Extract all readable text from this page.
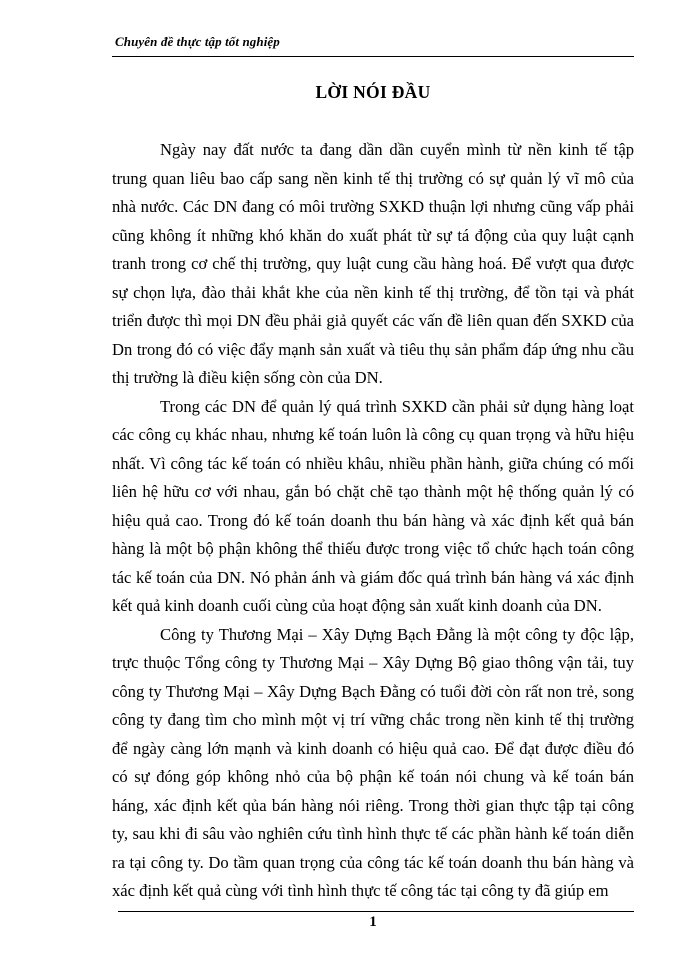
Chuyên đề thực tập tốt nghiệp
LỜI NÓI ĐẦU

Ngày nay đất nước ta đang dần dần cuyển mình từ nền kinh tế tập trung quan liêu bao cấp sang nền kinh tế thị trường có sự quản lý vĩ mô của nhà nước. Các DN đang có môi trường SXKD thuận lợi nhưng cũng vấp phải cũng không ít những khó khăn do xuất phát từ sự tá động của quy luật cạnh tranh trong cơ chế thị trường, quy luật cung cầu hàng hoá. Để vượt qua được sự chọn lựa, đào thải khắt khe của nền kinh tế thị trường, để tồn tại và phát triển được thì mọi DN đều phải giả quyết các vấn đề liên quan đến SXKD của Dn trong đó có việc đẩy mạnh sản xuất và tiêu thụ sản phẩm đáp ứng nhu cầu thị trường là điều kiện sống còn của DN.

Trong các DN để quản lý quá trình SXKD cần phải sử dụng hàng loạt các công cụ khác nhau, nhưng kế toán luôn là công cụ quan trọng và hữu hiệu nhất. Vì công tác kế toán có nhiều khâu, nhiều phần hành, giữa chúng có mối liên hệ hữu cơ với nhau, gắn bó chặt chẽ tạo thành một hệ thống quản lý có hiệu quả cao. Trong đó kế toán doanh thu bán hàng và xác định kết quả bán hàng là một bộ phận không thể thiếu được trong việc tổ chức hạch toán công tác kế toán của DN. Nó phản ánh và giám đốc quá trình bán hàng vá xác định kết quả kinh doanh cuối cùng của hoạt động sản xuất kinh doanh của DN.

Công ty Thương Mại – Xây Dựng Bạch Đằng là một công ty độc lập, trực thuộc Tổng công ty Thương Mại – Xây Dựng Bộ giao thông vận tải, tuy công ty Thương Mại – Xây Dựng Bạch Đằng có tuổi đời còn rất non trẻ, song công ty đang tìm cho mình một vị trí vững chắc trong nền kinh tế thị trường để ngày càng lớn mạnh và kinh doanh có hiệu quả cao. Để đạt được điều đó có sự đóng góp không nhỏ của bộ phận kế toán nói chung và kế toán bán háng, xác định kết qủa bán hàng nói riêng. Trong thời gian thực tập tại công ty, sau khi đi sâu vào nghiên cứu tình hình thực tế các phần hành kế toán diễn ra tại công ty. Do tầm quan trọng của công tác kế toán doanh thu bán hàng và xác định kết quả cùng với tình hình thực tế công tác tại công ty đã giúp em

1
